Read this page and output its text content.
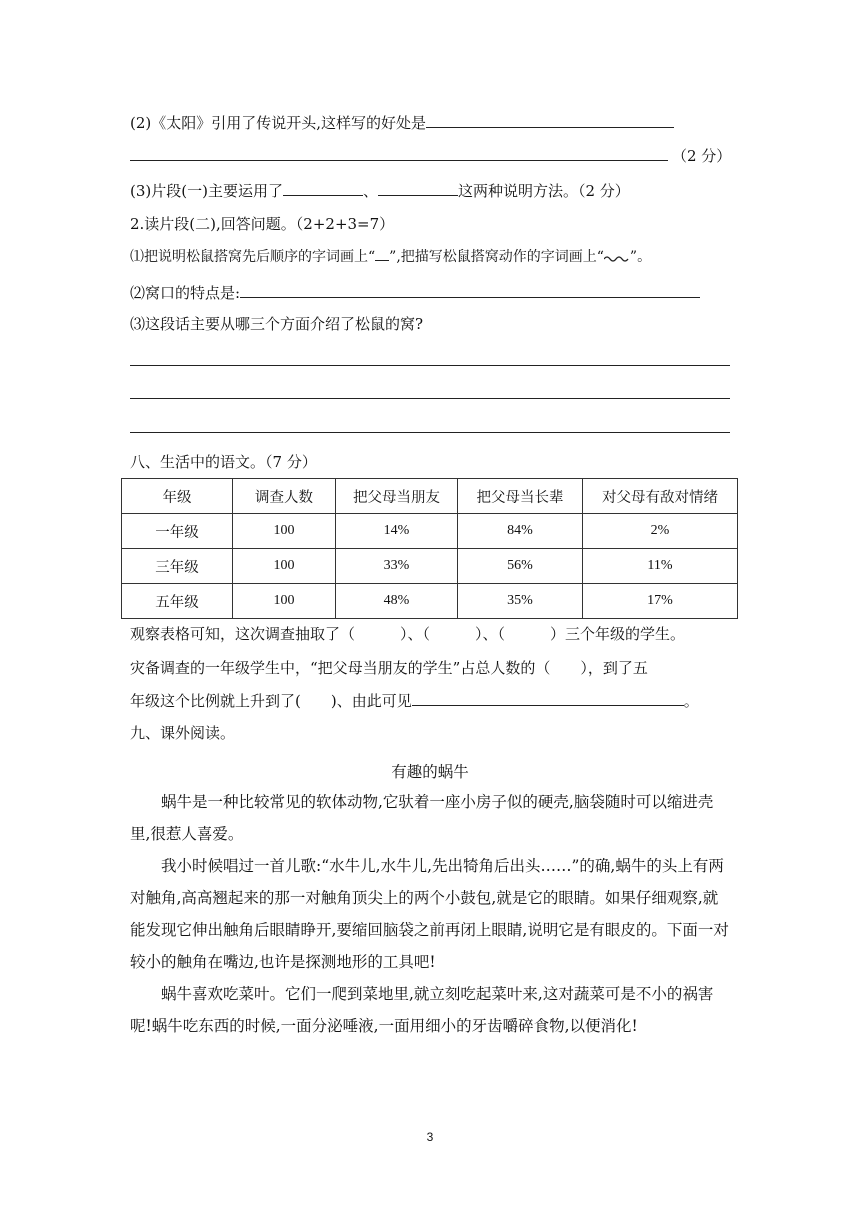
(2)《太阳》引用了传说开头,这样写的好处是
（2 分）
(3)片段(一)主要运用了	、	这两种说明方法。（2 分）
2.读片段(二),回答问题。（2+2+3=7）
⑴把说明松鼠搭窝先后顺序的字词画上“ ”,把描写松鼠搭窝动作的字词画上“ ”。
⑵窝口的特点是:
⑶这段话主要从哪三个方面介绍了松鼠的窝?
八、生活中的语文。（7 分）
年级	调查人数	把父母当朋友	把父母当长辈	对父母有敌对情绪
一年级	100	14%	84%	2%
三年级	100	33%	56%	11%
五年级	100	48%	35%	17%
观察表格可知，这次调查抽取了（　　　）、（　　　）、（　　　）三个年级的学生。
灾备调查的一年级学生中，“把父母当朋友的学生”占总人数的（　　），到了五
年级这个比例就上升到了(　　)、由此可见	。
九、课外阅读。
有趣的蜗牛

蜗牛是一种比较常见的软体动物,它驮着一座小房子似的硬壳,脑袋随时可以缩进壳里,很惹人喜爱。

我小时候唱过一首儿歌:“水牛儿,水牛儿,先出犄角后出头……”的确,蜗牛的头上有两对触角,高高翘起来的那一对触角顶尖上的两个小鼓包,就是它的眼睛。如果仔细观察,就能发现它伸出触角后眼睛睁开,要缩回脑袋之前再闭上眼睛,说明它是有眼皮的。下面一对较小的触角在嘴边,也许是探测地形的工具吧!

蜗牛喜欢吃菜叶。它们一爬到菜地里,就立刻吃起菜叶来,这对蔬菜可是不小的祸害呢!蜗牛吃东西的时候,一面分泌唾液,一面用细小的牙齿嚼碎食物,以便消化!

3
